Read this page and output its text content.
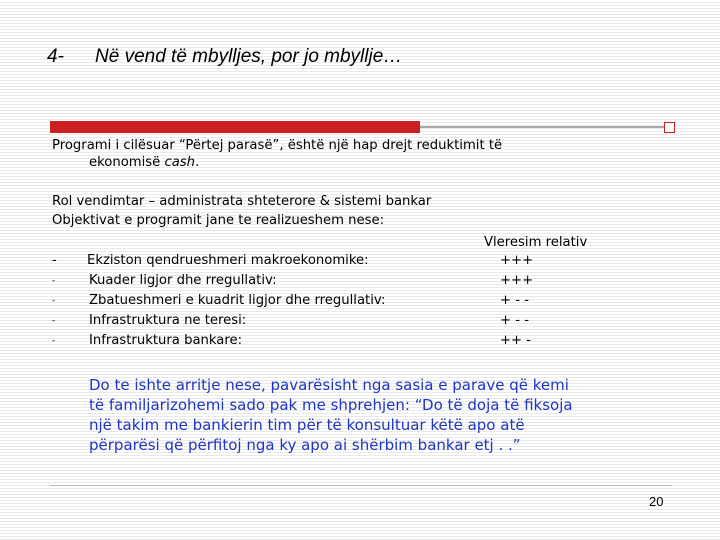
4- Në vend të mbylljes, por jo mbyllje…
Programi i cilësuar “Përtej parasë”, është një hap drejt reduktimit të
ekonomisë cash.
Rol vendimtar – administrata shteterore & sistemi bankar
Objektivat e programit jane te realizueshem nese:
Vleresim relativ
- Ekziston qendrueshmeri makroekonomike:	+++
-	Kuader ligjor dhe rregullativ:	+++
-	Zbatueshmeri e kuadrit ligjor dhe rregullativ:	+ - -
-	Infrastruktura ne teresi:	+ - -
-	Infrastruktura bankare:	++ -
Do te ishte arritje nese, pavarësisht nga sasia e parave që kemi
të familjarizohemi sado pak me shprehjen: “Do të doja të fiksoja
një takim me bankierin tim për të konsultuar këtë apo atë
përparësi që përfitoj nga ky apo ai shërbim bankar etj . .”
20
